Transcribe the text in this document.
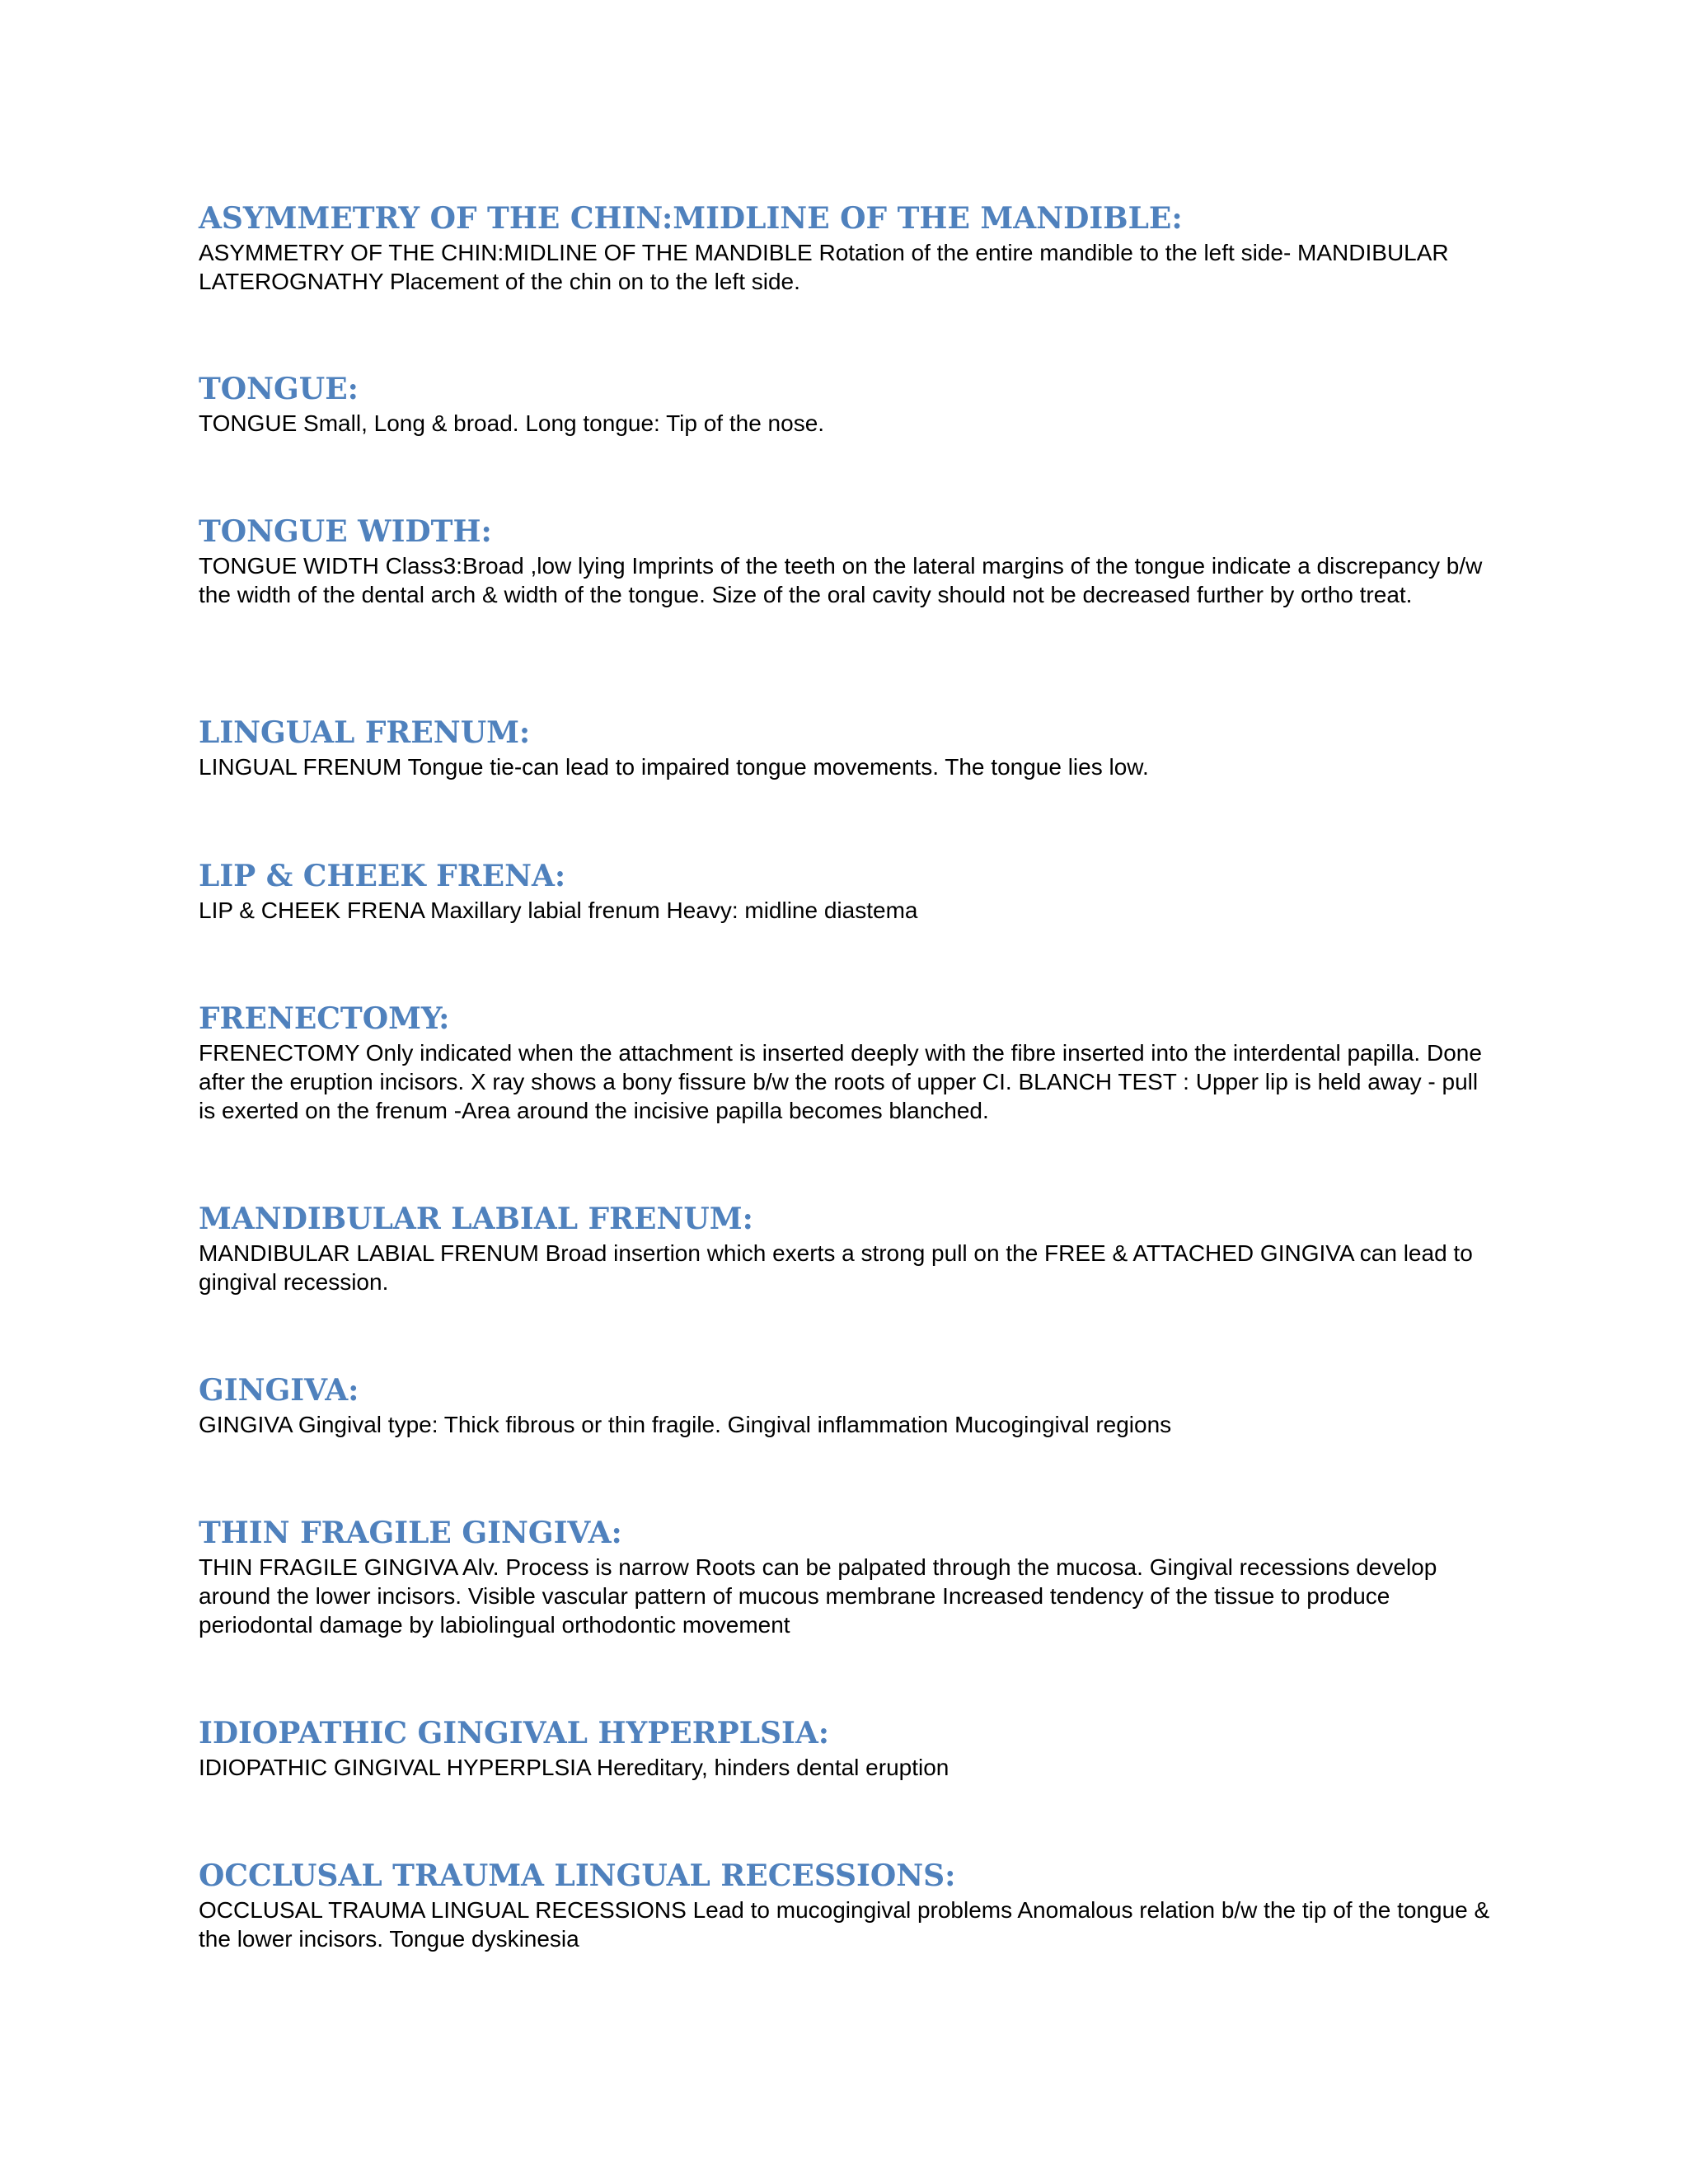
ASYMMETRY OF THE CHIN:MIDLINE OF THE MANDIBLE:

ASYMMETRY OF THE CHIN:MIDLINE OF THE MANDIBLE Rotation of the entire mandible to the left side- MANDIBULAR LATEROGNATHY Placement of the chin on to the left side.

TONGUE:

TONGUE Small, Long & broad. Long tongue: Tip of the nose.

TONGUE WIDTH:

TONGUE WIDTH Class3:Broad ,low lying Imprints of the teeth on the lateral margins of the tongue indicate a discrepancy b/w the width of the dental arch & width of the tongue. Size of the oral cavity should not be decreased further by ortho treat.

LINGUAL FRENUM:

LINGUAL FRENUM Tongue tie-can lead to impaired tongue movements. The tongue lies low.

LIP & CHEEK FRENA:

LIP & CHEEK FRENA Maxillary labial frenum Heavy: midline diastema

FRENECTOMY:

FRENECTOMY Only indicated when the attachment is inserted deeply with the fibre inserted into the interdental papilla. Done after the eruption incisors. X ray shows a bony fissure b/w the roots of upper CI. BLANCH TEST : Upper lip is held away - pull is exerted on the frenum -Area around the incisive papilla becomes blanched.

MANDIBULAR LABIAL FRENUM:

MANDIBULAR LABIAL FRENUM Broad insertion which exerts a strong pull on the FREE & ATTACHED GINGIVA can lead to gingival recession.

GINGIVA:

GINGIVA Gingival type: Thick fibrous or thin fragile. Gingival inflammation Mucogingival regions

THIN FRAGILE GINGIVA:

THIN FRAGILE GINGIVA Alv. Process is narrow Roots can be palpated through the mucosa. Gingival recessions develop around the lower incisors. Visible vascular pattern of mucous membrane Increased tendency of the tissue to produce periodontal damage by labiolingual orthodontic movement

IDIOPATHIC GINGIVAL HYPERPLSIA:

IDIOPATHIC GINGIVAL HYPERPLSIA Hereditary, hinders dental eruption

OCCLUSAL TRAUMA LINGUAL RECESSIONS:

OCCLUSAL TRAUMA LINGUAL RECESSIONS Lead to mucogingival problems Anomalous relation b/w the tip of the tongue & the lower incisors. Tongue dyskinesia
